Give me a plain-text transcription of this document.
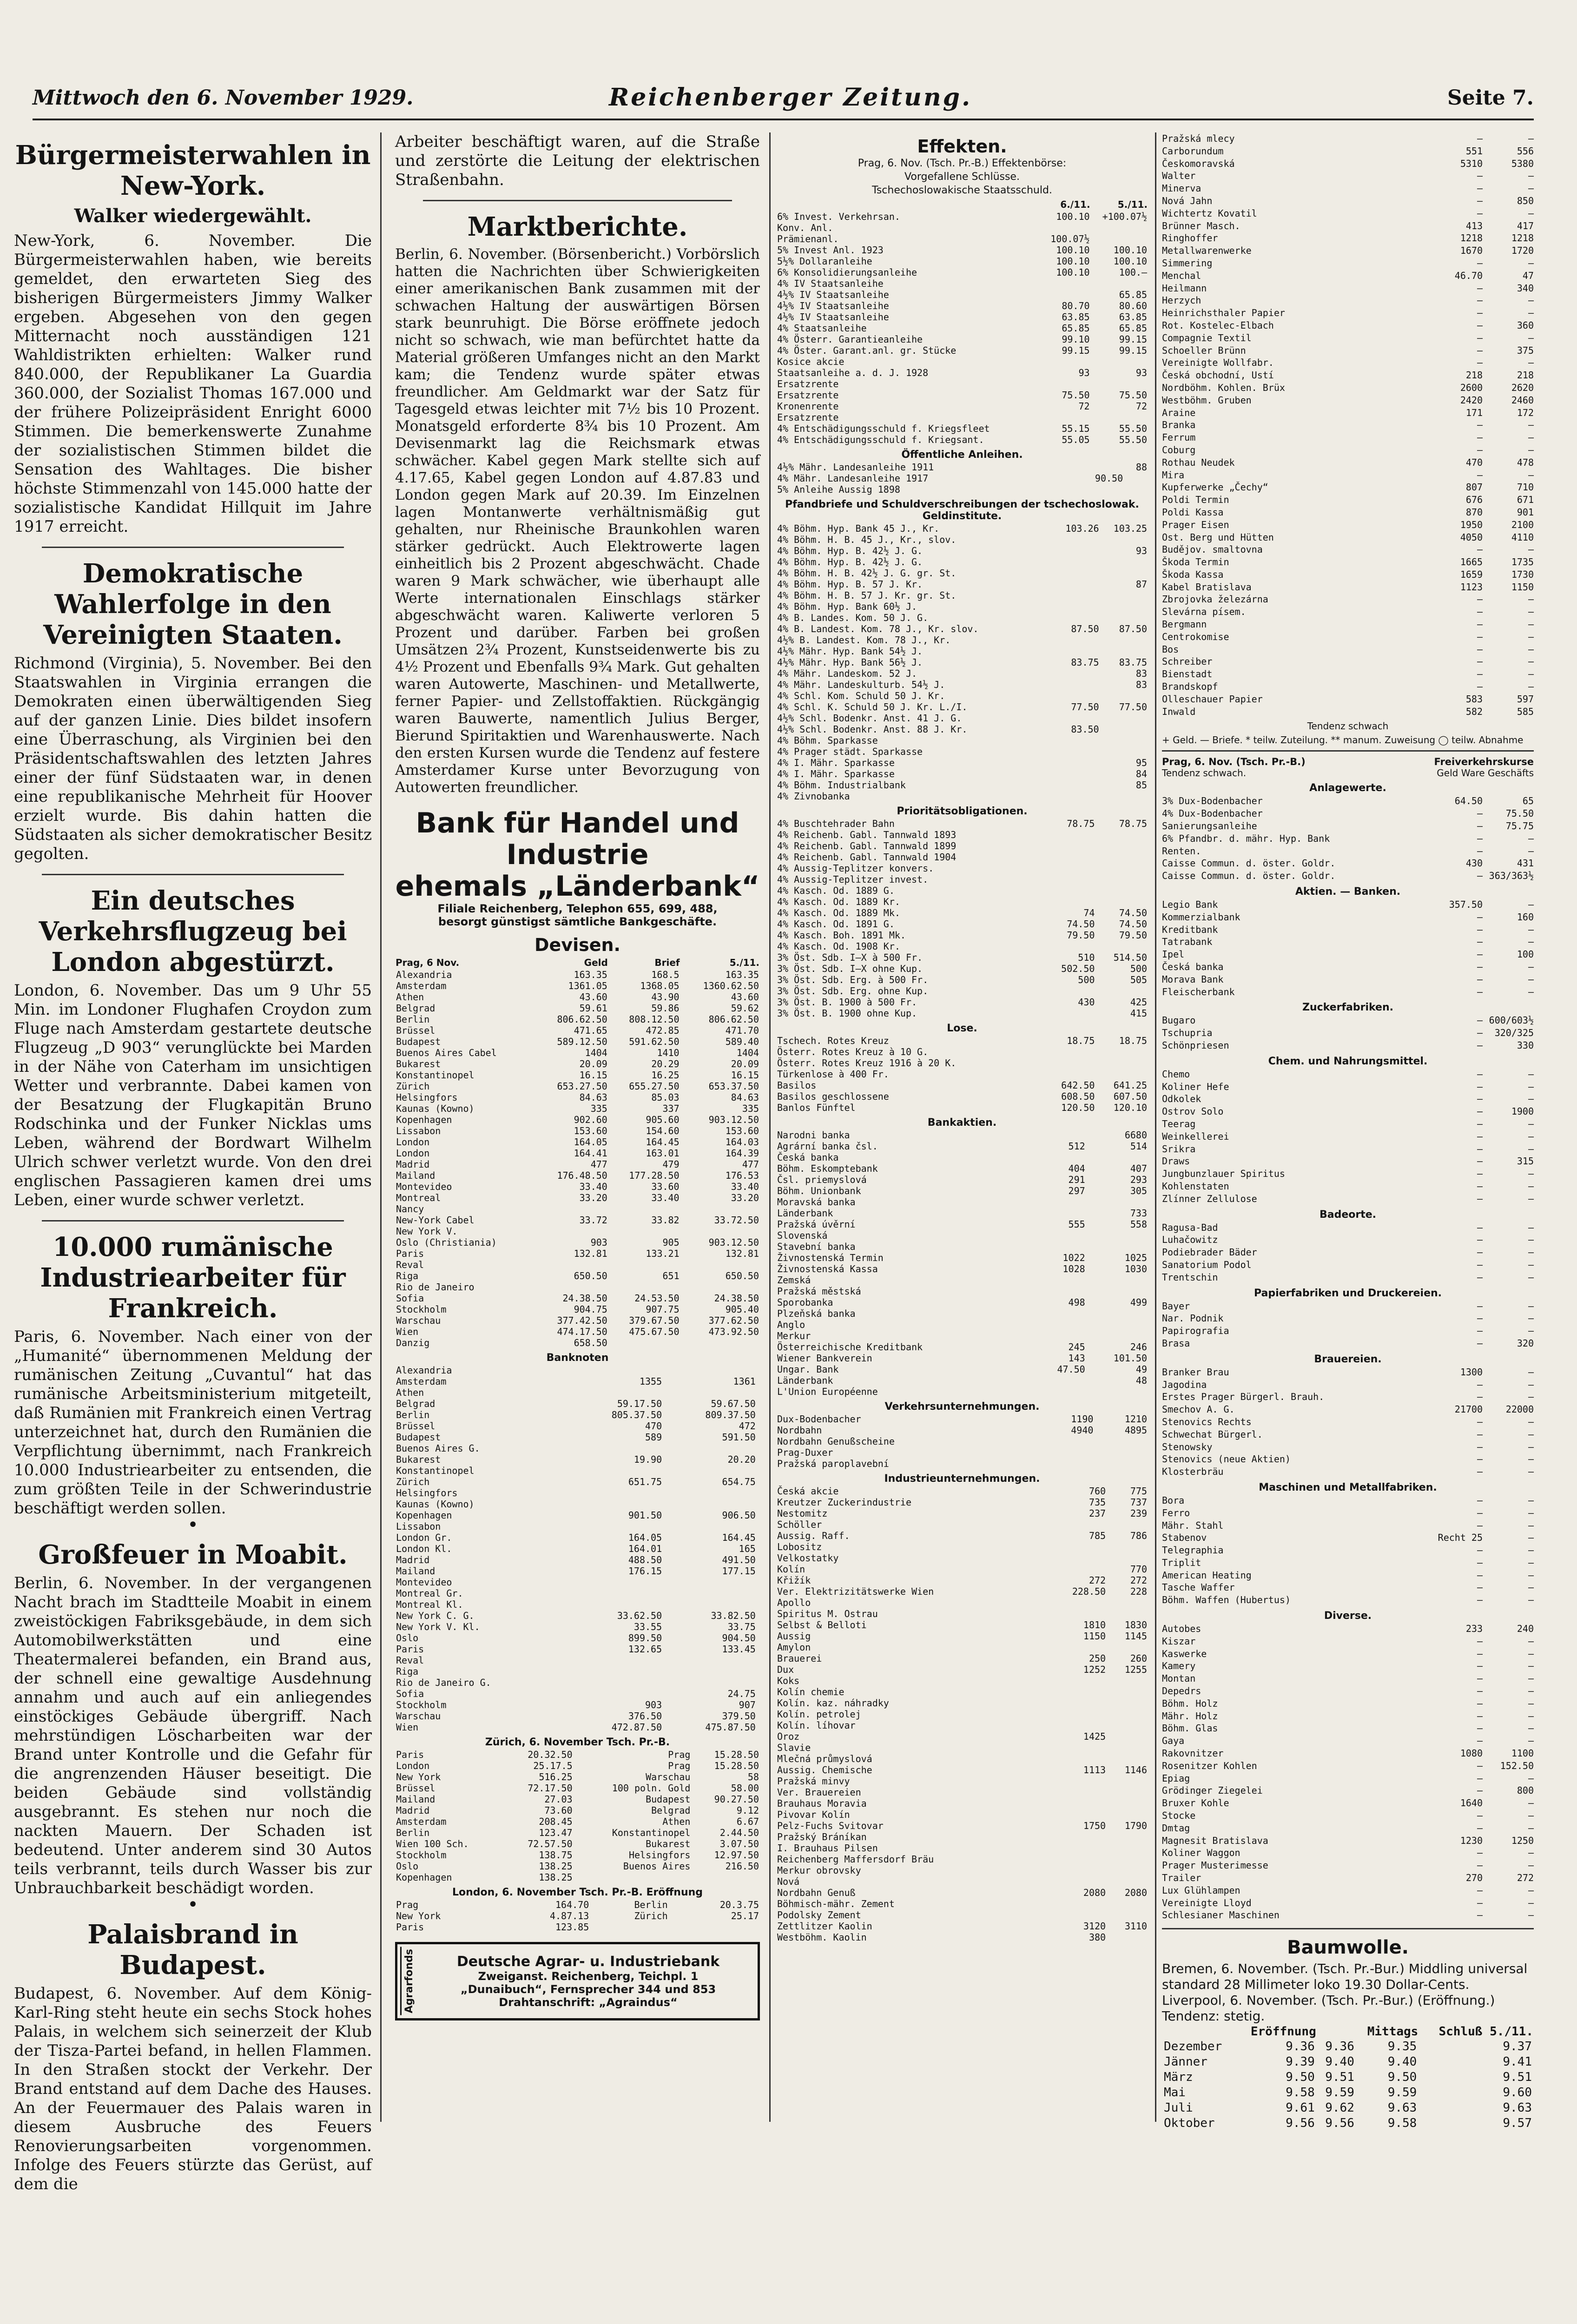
Mittwoch den 6. November 1929.	Reichenberger Zeitung.	Seite 7.
Bürgermeisterwahlen in New-York.
Walker wiedergewählt.

New-York, 6. November. Die Bürgermeisterwahlen haben, wie bereits gemeldet, den erwarteten Sieg des bisherigen Bürgermeisters Jimmy Walker ergeben. Abgesehen von den gegen Mitternacht noch ausständigen 121 Wahldistrikten erhielten: Walker rund 840.000, der Republikaner La Guardia 360.000, der Sozialist Thomas 167.000 und der frühere Polizeipräsident Enright 6000 Stimmen. Die bemerkenswerte Zunahme der sozialistischen Stimmen bildet die Sensation des Wahltages. Die bisher höchste Stimmenzahl von 145.000 hatte der sozialistische Kandidat Hillquit im Jahre 1917 erreicht.

Demokratische Wahlerfolge in den Vereinigten Staaten.

Richmond (Virginia), 5. November. Bei den Staatswahlen in Virginia errangen die Demokraten einen überwältigenden Sieg auf der ganzen Linie. Dies bildet insofern eine Überraschung, als Virginien bei den Präsidentschaftswahlen des letzten Jahres einer der fünf Südstaaten war, in denen eine republikanische Mehrheit für Hoover erzielt wurde. Bis dahin hatten die Südstaaten als sicher demokratischer Besitz gegolten.

Ein deutsches Verkehrsflugzeug bei London abgestürzt.

London, 6. November. Das um 9 Uhr 55 Min. im Londoner Flughafen Croydon zum Fluge nach Amsterdam gestartete deutsche Flugzeug „D 903“ verunglückte bei Marden in der Nähe von Caterham im unsichtigen Wetter und verbrannte. Dabei kamen von der Besatzung der Flugkapitän Bruno Rodschinka und der Funker Nicklas ums Leben, während der Bordwart Wilhelm Ulrich schwer verletzt wurde. Von den drei englischen Passagieren kamen drei ums Leben, einer wurde schwer verletzt.

10.000 rumänische Industriearbeiter für Frankreich.

Paris, 6. November. Nach einer von der „Humanité“ übernommenen Meldung der rumänischen Zeitung „Cuvantul“ hat das rumänische Arbeitsministerium mitgeteilt, daß Rumänien mit Frankreich einen Vertrag unterzeichnet hat, durch den Rumänien die Verpflichtung übernimmt, nach Frankreich 10.000 Industriearbeiter zu entsenden, die zum größten Teile in der Schwerindustrie beschäftigt werden sollen.

•
Großfeuer in Moabit.

Berlin, 6. November. In der vergangenen Nacht brach im Stadtteile Moabit in einem zweistöckigen Fabriksgebäude, in dem sich Automobilwerkstätten und eine Theatermalerei befanden, ein Brand aus, der schnell eine gewaltige Ausdehnung annahm und auch auf ein anliegendes einstöckiges Gebäude übergriff. Nach mehrstündigen Löscharbeiten war der Brand unter Kontrolle und die Gefahr für die angrenzenden Häuser beseitigt. Die beiden Gebäude sind vollständig ausgebrannt. Es stehen nur noch die nackten Mauern. Der Schaden ist bedeutend. Unter anderem sind 30 Autos teils verbrannt, teils durch Wasser bis zur Unbrauchbarkeit beschädigt worden.

•
Palaisbrand in Budapest.

Budapest, 6. November. Auf dem König-Karl-Ring steht heute ein sechs Stock hohes Palais, in welchem sich seinerzeit der Klub der Tisza-Partei befand, in hellen Flammen. In den Straßen stockt der Verkehr. Der Brand entstand auf dem Dache des Hauses. An der Feuermauer des Palais waren in diesem Ausbruche des Feuers Renovierungsarbeiten vorgenommen. Infolge des Feuers stürzte das Gerüst, auf dem die

Arbeiter beschäftigt waren, auf die Straße und zerstörte die Leitung der elektrischen Straßenbahn.

Marktberichte.

Berlin, 6. November. (Börsenbericht.) Vorbörslich hatten die Nachrichten über Schwierigkeiten einer amerikanischen Bank zusammen mit der schwachen Haltung der auswärtigen Börsen stark beunruhigt. Die Börse eröffnete jedoch nicht so schwach, wie man befürchtet hatte da Material größeren Umfanges nicht an den Markt kam; die Tendenz wurde später etwas freundlicher. Am Geldmarkt war der Satz für Tagesgeld etwas leichter mit 7½ bis 10 Prozent. Monatsgeld erforderte 8¾ bis 10 Prozent. Am Devisenmarkt lag die Reichsmark etwas schwächer. Kabel gegen Mark stellte sich auf 4.17.65, Kabel gegen London auf 4.87.83 und London gegen Mark auf 20.39. Im Einzelnen lagen Montanwerte verhältnismäßig gut gehalten, nur Rheinische Braunkohlen waren stärker gedrückt. Auch Elektrowerte lagen einheitlich bis 2 Prozent abgeschwächt. Chade waren 9 Mark schwächer, wie überhaupt alle Werte internationalen Einschlags stärker abgeschwächt waren. Kaliwerte verloren 5 Prozent und darüber. Farben bei großen Umsätzen 2¾ Prozent, Kunstseidenwerte bis zu 4½ Prozent und Ebenfalls 9¾ Mark. Gut gehalten waren Autowerte, Maschinen- und Metallwerte, ferner Papier- und Zellstoffaktien. Rückgängig waren Bauwerte, namentlich Julius Berger, Bierund Spiritaktien und Warenhauswerte. Nach den ersten Kursen wurde die Tendenz auf festere Amsterdamer Kurse unter Bevorzugung von Autowerten freundlicher.

Bank für Handel und Industrie
ehemals „Länderbank“
Filiale Reichenberg, Telephon 655, 699, 488,
besorgt günstigst sämtliche Bankgeschäfte.
Devisen.
Prag, 6 Nov.	Geld	Brief	5./11.
Alexandria	163.35	168.5	163.35
Amsterdam	1361.05	1368.05	1360.62.50
Athen	43.60	43.90	43.60
Belgrad	59.61	59.86	59.62
Berlin	806.62.50	808.12.50	806.62.50
Brüssel	471.65	472.85	471.70
Budapest	589.12.50	591.62.50	589.40
Buenos Aires Cabel	1404	1410	1404
Bukarest	20.09	20.29	20.09
Konstantinopel	16.15	16.25	16.15
Zürich	653.27.50	655.27.50	653.37.50
Helsingfors	84.63	85.03	84.63
Kaunas (Kowno)	335	337	335
Kopenhagen	902.60	905.60	903.12.50
Lissabon	153.60	154.60	153.60
London	164.05	164.45	164.03
London	164.41	163.01	164.39
Madrid	477	479	477
Mailand	176.48.50	177.28.50	176.53
Montevideo	33.40	33.60	33.40
Montreal	33.20	33.40	33.20
Nancy			
New-York Cabel	33.72	33.82	33.72.50
New York V.			
Oslo (Christiania)	903	905	903.12.50
Paris	132.81	133.21	132.81
Reval			
Riga	650.50	651	650.50
Rio de Janeiro			
Sofia	24.38.50	24.53.50	24.38.50
Stockholm	904.75	907.75	905.40
Warschau	377.42.50	379.67.50	377.62.50
Wien	474.17.50	475.67.50	473.92.50
Danzig	658.50		
Banknoten
Alexandria			
Amsterdam	1355	1361	
Athen			
Belgrad	59.17.50	59.67.50	
Berlin	805.37.50	809.37.50	
Brüssel	470	472	
Budapest	589	591.50	
Buenos Aires G.			
Bukarest	19.90	20.20	
Konstantinopel			
Zürich	651.75	654.75	
Helsingfors			
Kaunas (Kowno)			
Kopenhagen	901.50	906.50	
Lissabon			
London Gr.	164.05	164.45	
London Kl.	164.01	165	
Madrid	488.50	491.50	
Mailand	176.15	177.15	
Montevideo			
Montreal Gr.			
Montreal Kl.			
New York C. G.	33.62.50	33.82.50	
New York V. Kl.	33.55	33.75	
Oslo	899.50	904.50	
Paris	132.65	133.45	
Reval			
Riga			
Rio de Janeiro G.			
Sofia		24.75	
Stockholm	903	907	
Warschau	376.50	379.50	
Wien	472.87.50	475.87.50	
Zürich, 6. November Tsch. Pr.-B.
Paris	20.32.50	Prag	15.28.50
London	25.17.5	Prag	15.28.50
New York	516.25	Warschau	58
Brüssel	72.17.50	100 poln. Gold	58.00
Mailand	27.03	Budapest	90.27.50
Madrid	73.60	Belgrad	9.12
Amsterdam	208.45	Athen	6.67
Berlin	123.47	Konstantinopel	2.44.50
Wien 100 Sch.	72.57.50	Bukarest	3.07.50
Stockholm	138.75	Helsingfors	12.97.50
Oslo	138.25	Buenos Aires	216.50
Kopenhagen	138.25		
London, 6. November Tsch. Pr.-B. Eröffnung
Prag	164.70	Berlin	20.3.75
New York	4.87.13	Zürich	25.17
Paris	123.85		
Agrarfonds	Deutsche Agrar- u. Industriebank
Zweiganst. Reichenberg, Teichpl. 1
„Dunaibuch“, Fernsprecher 344 und 853
Drahtanschrift: „Agraindus“
Effekten.
Prag, 6. Nov. (Tsch. Pr.-B.) Effektenbörse:
Vorgefallene Schlüsse.
Tschechoslowakische Staatsschuld.
	6./11.	5./11.
6% Invest. Verkehrsan.	100.10	+100.07½
Konv. Anl.		
Prämienanl.	100.07½	
5% Invest Anl. 1923	100.10	100.10
5½% Dollaranleihe	100.10	100.10
6% Konsolidierungsanleihe	100.10	100.—
4% IV Staatsanleihe		
4½% IV Staatsanleihe		65.85
4½% IV Staatsanleihe	80.70	80.60
4½% IV Staatsanleihe	63.85	63.85
4% Staatsanleihe	65.85	65.85
4% Österr. Garantieanleihe	99.10	99.15
4% Öster. Garant.anl. gr. Stücke	99.15	99.15
Kosice akcie		
Staatsanleihe a. d. J. 1928	93	93
Ersatzrente		
Ersatzrente	75.50	75.50
Kronenrente	72	72
Ersatzrente		
4% Entschädigungsschuld f. Kriegsfleet	55.15	55.50
4% Entschädigungsschuld f. Kriegsant.	55.05	55.50
Öffentliche Anleihen.
4½% Mähr. Landesanleihe 1911		88
4% Mähr. Landesanleihe 1917	90.50	
5% Anleihe Aussig 1898		
Pfandbriefe und Schuldverschreibungen der tschechoslowak. Geldinstitute.
4% Böhm. Hyp. Bank 45 J., Kr.	103.26	103.25
4% Böhm. H. B. 45 J., Kr., slov.		
4% Böhm. Hyp. B. 42½ J. G.		93
4% Böhm. Hyp. B. 42½ J. G.		
4% Böhm. H. B. 42½ J. G. gr. St.		
4% Böhm. Hyp. B. 57 J. Kr.		87
4% Böhm. H. B. 57 J. Kr. gr. St.		
4% Böhm. Hyp. Bank 60½ J.		
4% B. Landes. Kom. 50 J. G.		
4% B. Landest. Kom. 78 J., Kr. slov.	87.50	87.50
4½% B. Landest. Kom. 78 J., Kr.		
4½% Mähr. Hyp. Bank 54½ J.		
4½% Mähr. Hyp. Bank 56½ J.	83.75	83.75
4% Mähr. Landeskom. 52 J.		83
4% Mähr. Landeskulturb. 54½ J.		83
4% Schl. Kom. Schuld 50 J. Kr.		
4% Schl. K. Schuld 50 J. Kr. L./I.	77.50	77.50
4½% Schl. Bodenkr. Anst. 41 J. G.		
4½% Schl. Bodenkr. Anst. 88 J. Kr.	83.50	
4% Böhm. Sparkasse		
4% Prager städt. Sparkasse		
4% I. Mähr. Sparkasse		95
4% I. Mähr. Sparkasse		84
4% Böhm. Industrialbank		85
4% Zivnobanka		
Prioritätsobligationen.
4% Buschtehrader Bahn	78.75	78.75
4% Reichenb. Gabl. Tannwald 1893		
4% Reichenb. Gabl. Tannwald 1899		
4% Reichenb. Gabl. Tannwald 1904		
4% Aussig-Teplitzer konvers.		
4% Aussig-Teplitzer invest.		
4% Kasch. Od. 1889 G.		
4% Kasch. Od. 1889 Kr.		
4% Kasch. Od. 1889 Mk.	74	74.50
4% Kasch. Od. 1891 G.	74.50	74.50
4% Kasch. Boh. 1891 Mk.	79.50	79.50
4% Kasch. Od. 1908 Kr.		
3% Öst. Sdb. I—X à 500 Fr.	510	514.50
3% Öst. Sdb. I—X ohne Kup.	502.50	500
3% Öst. Sdb. Erg. à 500 Fr.	500	505
3% Öst. Sdb. Erg. ohne Kup.		
3% Öst. B. 1900 à 500 Fr.	430	425
3% Öst. B. 1900 ohne Kup.		415
Lose.
Tschech. Rotes Kreuz	18.75	18.75
Österr. Rotes Kreuz à 10 G.		
Österr. Rotes Kreuz 1916 à 20 K.		
Türkenlose à 400 Fr.		
Basilos	642.50	641.25
Basilos geschlossene	608.50	607.50
Banlos Fünftel	120.50	120.10
Bankaktien.
Narodni banka		6680
Agrární banka čsl.	512	514
Česká banka		
Böhm. Eskomptebank	404	407
Čsl. priemyslová	291	293
Böhm. Unionbank	297	305
Moravská banka		
Länderbank		733
Pražská úvěrní	555	558
Slovenská		
Stavební banka		
Živnostenská Termin	1022	1025
Živnostenská Kassa	1028	1030
Zemská		
Pražská městská		
Sporobanka	498	499
Plzeňská banka		
Anglo		
Merkur		
Österreichische Kreditbank	245	246
Wiener Bankverein	143	101.50
Ungar. Bank	47.50	49
Länderbank		48
L'Union Européenne		
Verkehrsunternehmungen.
Dux-Bodenbacher	1190	1210
Nordbahn	4940	4895
Nordbahn Genußscheine		
Prag-Duxer		
Pražská paroplavební		
Industrieunternehmungen.
Česká akcie	760	775
Kreutzer Zuckerindustrie	735	737
Nestomitz	237	239
Schöller		
Aussig. Raff.	785	786
Lobositz		
Velkostatky		
Kolín		770
Křižík	272	272
Ver. Elektrizitätswerke Wien	228.50	228
Apollo		
Spiritus M. Ostrau		
Selbst & Belloti	1810	1830
Aussig	1150	1145
Amylon		
Brauerei	250	260
Dux	1252	1255
Koks		
Kolín chemie		
Kolín. kaz. náhradky		
Kolín. petrolej		
Kolín. líhovar		
Oroz	1425	
Slavie		
Mlečná průmyslová		
Aussig. Chemische	1113	1146
Pražská minvy		
Ver. Brauereien		
Brauhaus Moravia		
Pivovar Kolín		
Pelz-Fuchs Svitovar	1750	1790
Pražský Bráníkan		
I. Brauhaus Pilsen		
Reichenberg Maffersdorf Bräu		
Merkur obrovsky		
Nová		
Nordbahn Genuß	2080	2080
Böhmisch-mähr. Zement		
Podolsky Zement		
Zettlitzer Kaolin	3120	3110
Westböhm. Kaolin	380	
Pražská mlecy	—	—
Carborundum	551	556
Českomoravská	5310	5380
Walter	—	—
Minerva	—	—
Nová Jahn	—	850
Wichtertz Kovatil	—	—
Brünner Masch.	413	417
Ringhoffer	1218	1218
Metallwarenwerke	1670	1720
Simmering	—	—
Menchal	46.70	47
Heilmann	—	340
Herzych	—	—
Heinrichsthaler Papier	—	—
Rot. Kostelec-Elbach	—	360
Compagnie Textil	—	—
Schoeller Brünn	—	375
Vereinigte Wollfabr.	—	—
Česká obchodní, Ustí	218	218
Nordböhm. Kohlen. Brüx	2600	2620
Westböhm. Gruben	2420	2460
Araine	171	172
Branka	—	—
Ferrum	—	—
Coburg	—	—
Rothau Neudek	470	478
Mira	—	—
Kupferwerke „Čechy“	807	710
Poldi Termin	676	671
Poldi Kassa	870	901
Prager Eisen	1950	2100
Ost. Berg und Hütten	4050	4110
Budějov. smaltovna	—	—
Škoda Termin	1665	1735
Škoda Kassa	1659	1730
Kabel Bratislava	1123	1150
Zbrojovka železárna	—	—
Slevárna písem.	—	—
Bergmann	—	—
Centrokomise	—	—
Bos	—	—
Schreiber	—	—
Bienstadt	—	—
Brandskopf	—	—
Olleschauer Papier	583	597
Inwald	582	585
Tendenz schwach
+ Geld. — Briefe. * teilw. Zuteilung. ** manum. Zuweisung ◯ teilw. Abnahme
Prag, 6. Nov. (Tsch. Pr.-B.)	Freiverkehrskurse
Tendenz schwach.	Geld Ware Geschäfts
Anlagewerte.
3% Dux-Bodenbacher	64.50	65
4% Dux-Bodenbacher	— 75.50
Sanierungsanleihe	— 75.75
6% Pfandbr. d. mähr. Hyp. Bank	—	—
Renten.	—	—
Caisse Commun. d. öster. Goldr.	430	431
Caisse Commun. d. öster. Goldr.	— 363/363½
Aktien. — Banken.
Legio Bank	357.50	—
Kommerzialbank	—	160
Kreditbank	—	—
Tatrabank	—	—
Ipel	—	100
Česká banka	—	—
Morava Bank	—	—
Fleischerbank	—	—
Zuckerfabriken.
Bugaro	— 600/603½
Tschupria	— 320/325
Schönpriesen	—	330
Chem. und Nahrungsmittel.
Chemo	—	—
Koliner Hefe	—	—
Odkolek	—	—
Ostrov Solo	—	1900
Teerag	—	—
Weinkellerei	—	—
Srikra	—	—
Draws	—	315
Jungbunzlauer Spiritus	—	—
Kohlenstaten	—	—
Zlínner Zellulose	—	—
Badeorte.
Ragusa-Bad	—	—
Luhačowitz	—	—
Podiebrader Bäder	—	—
Sanatorium Podol	—	—
Trentschin	—	—
Papierfabriken und Druckereien.
Bayer	—	—
Nar. Podnik	—	—
Papirografia	—	—
Brasa	—	320
Brauereien.
Branker Brau	1300	—
Jagodina	—	—
Erstes Prager Bürgerl. Brauh.	—	—
Smechov A. G.	21700 22000
Stenovics Rechts	—	—
Schwechat Bürgerl.	—	—
Stenowsky	—	—
Stenovics (neue Aktien)	—	—
Klosterbräu	—	—
Maschinen und Metallfabriken.
Bora	—	—
Ferro	—	—
Mähr. Stahl	—	—
Stabenov	Recht 25	—
Telegraphia	—	—
Triplit	—	—
American Heating	—	—
Tasche Waffer	—	—
Böhm. Waffen (Hubertus)	—	—
Diverse.
Autobes	233	240
Kiszar	—	—
Kaswerke	—	—
Kamery	—	—
Montan	—	—
Depedrs	—	—
Böhm. Holz	—	—
Mähr. Holz	—	—
Böhm. Glas	—	—
Gaya	—	—
Rakovnitzer	1080	1100
Rosenitzer Kohlen	— 152.50
Epiag	—	—
Grödinger Ziegelei	—	800
Bruxer Kohle	1640	—
Stocke	—	—
Dmtag	—	—
Magnesit Bratislava	1230	1250
Koliner Waggon	—	—
Prager Musterimesse	—	—
Trailer	270	272
Lux Glühlampen	—	—
Vereinigte Lloyd	—	—
Schlesianer Maschinen	—	—
Baumwolle.

Bremen, 6. November. (Tsch. Pr.-Bur.) Middling universal standard 28 Millimeter loko 19.30 Dollar-Cents.

Liverpool, 6. November. (Tsch. Pr.-Bur.) (Eröffnung.) Tendenz: stetig.

	Eröffnung		Mittags	Schluß 5./11.
Dezember	9.36	9.36	9.35	9.37
Jänner	9.39	9.40	9.40	9.41
März	9.50	9.51	9.50	9.51
Mai	9.58	9.59	9.59	9.60
Juli	9.61	9.62	9.63	9.63
Oktober	9.56	9.56	9.58	9.57
